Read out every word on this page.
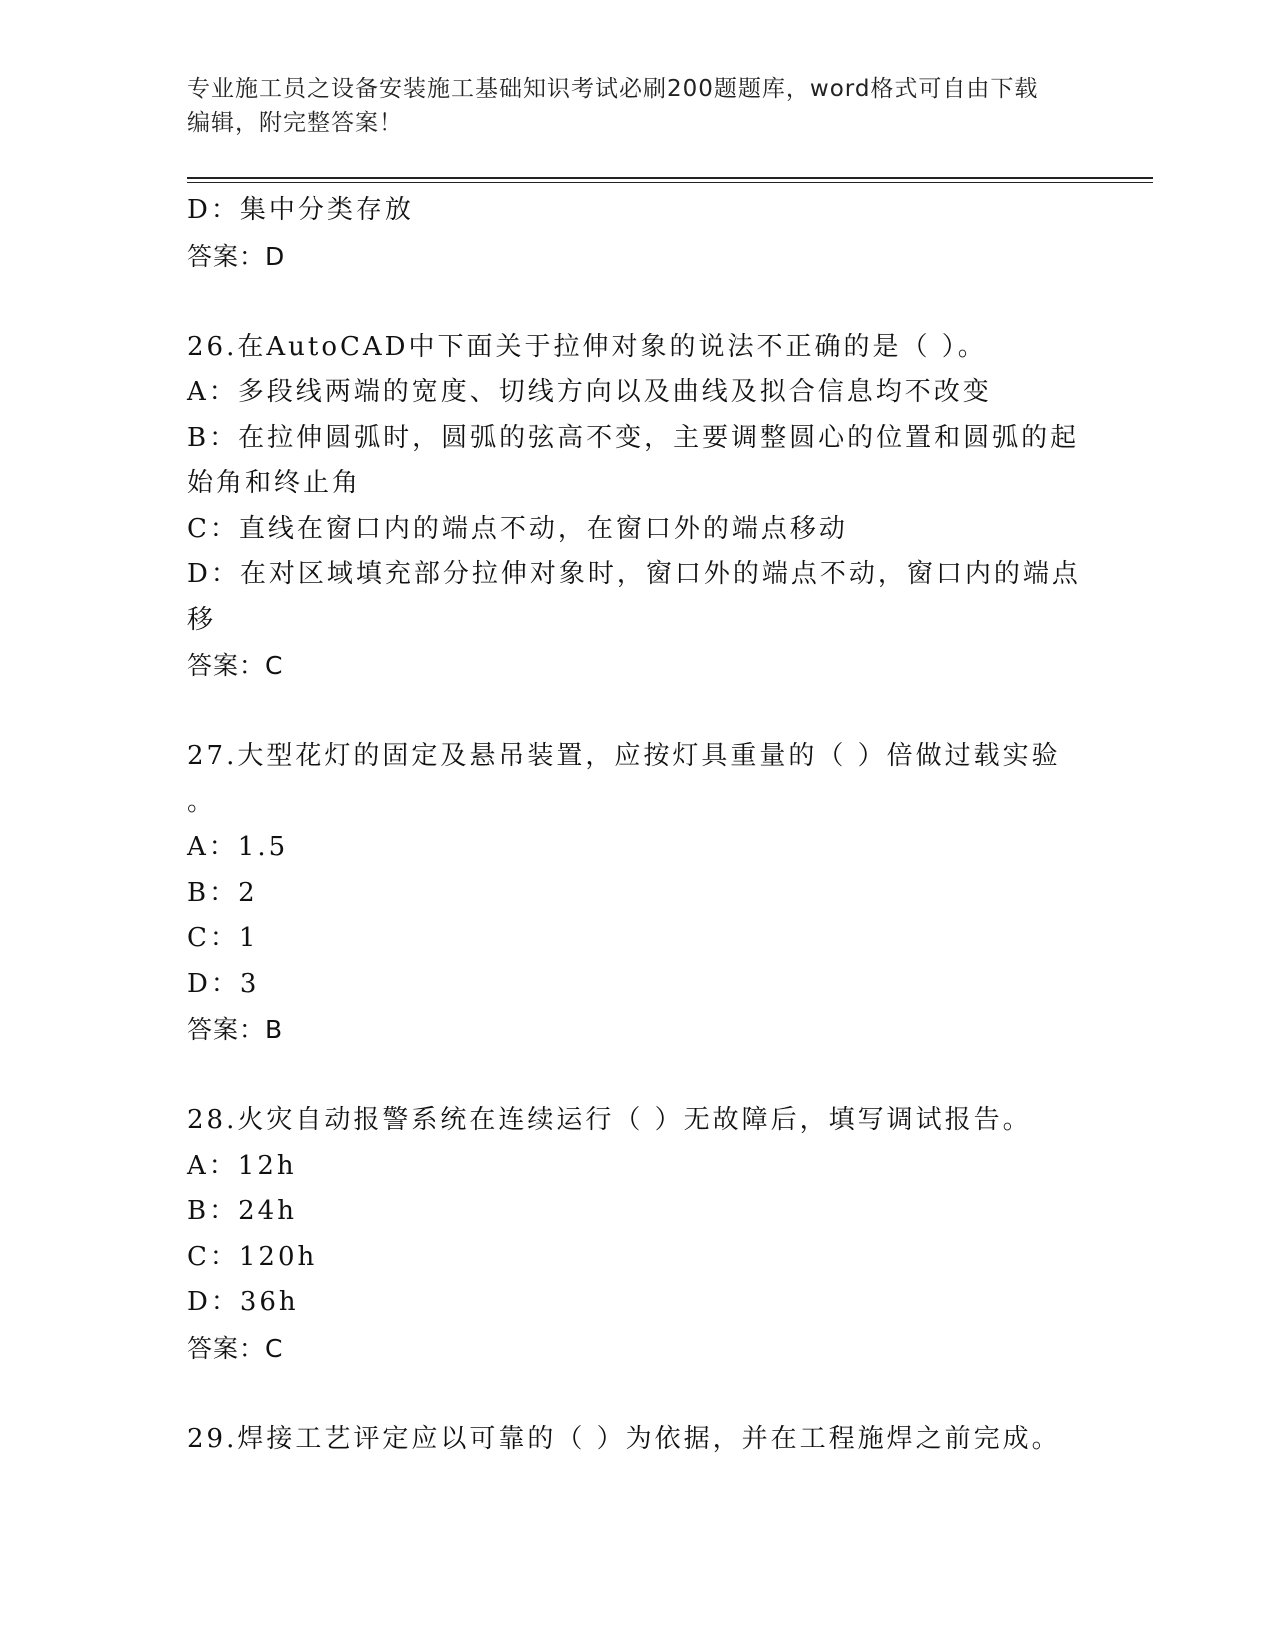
专业施工员之设备安装施工基础知识考试必刷200题题库，word格式可自由下载
编辑，附完整答案！

D：集中分类存放

答案：D

26.在AutoCAD中下面关于拉伸对象的说法不正确的是（ ）。

A：多段线两端的宽度、切线方向以及曲线及拟合信息均不改变

B：在拉伸圆弧时，圆弧的弦高不变，主要调整圆心的位置和圆弧的起

始角和终止角

C：直线在窗口内的端点不动，在窗口外的端点移动

D：在对区域填充部分拉伸对象时，窗口外的端点不动，窗口内的端点

移

答案：C

27.大型花灯的固定及悬吊装置，应按灯具重量的（ ）倍做过载实验

。

A：1.5

B：2

C：1

D：3

答案：B

28.火灾自动报警系统在连续运行（ ）无故障后，填写调试报告。

A：12h

B：24h

C：120h

D：36h

答案：C

29.焊接工艺评定应以可靠的（ ）为依据，并在工程施焊之前完成。
